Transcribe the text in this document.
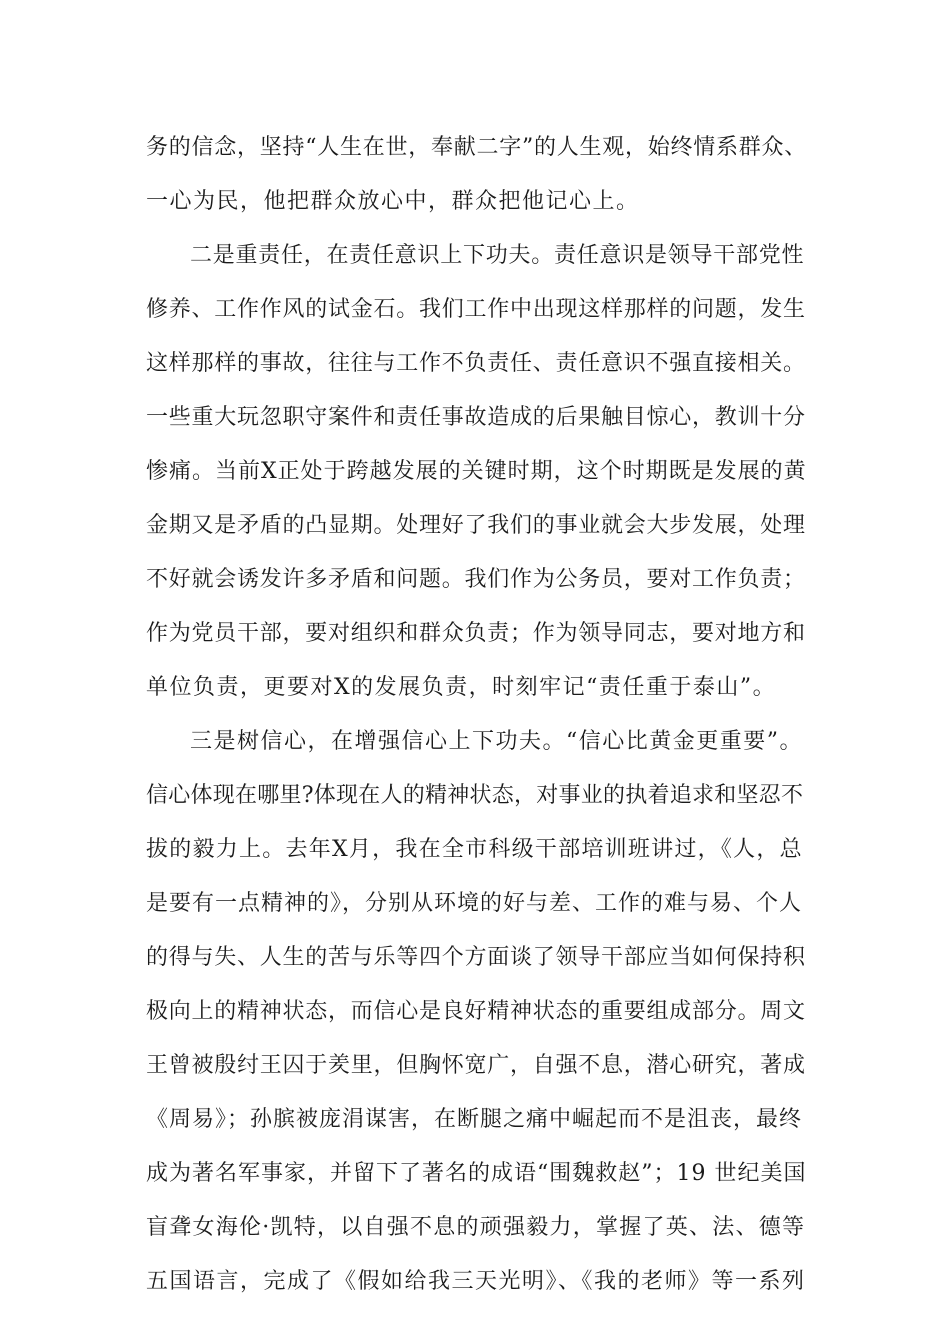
务的信念，坚持“人生在世，奉献二字”的人生观，始终情系群众、

一心为民，他把群众放心中，群众把他记心上。

二是重责任，在责任意识上下功夫。责任意识是领导干部党性

修养、工作作风的试金石。我们工作中出现这样那样的问题，发生

这样那样的事故，往往与工作不负责任、责任意识不强直接相关。

一些重大玩忽职守案件和责任事故造成的后果触目惊心，教训十分

惨痛。当前X正处于跨越发展的关键时期，这个时期既是发展的黄

金期又是矛盾的凸显期。处理好了我们的事业就会大步发展，处理

不好就会诱发许多矛盾和问题。我们作为公务员，要对工作负责；

作为党员干部，要对组织和群众负责；作为领导同志，要对地方和

单位负责，更要对X的发展负责，时刻牢记“责任重于泰山”。

三是树信心，在增强信心上下功夫。“信心比黄金更重要”。

信心体现在哪里?体现在人的精神状态，对事业的执着追求和坚忍不

拔的毅力上。去年X月，我在全市科级干部培训班讲过，《人，总

是要有一点精神的》，分别从环境的好与差、工作的难与易、个人

的得与失、人生的苦与乐等四个方面谈了领导干部应当如何保持积

极向上的精神状态，而信心是良好精神状态的重要组成部分。周文

王曾被殷纣王囚于羑里，但胸怀宽广，自强不息，潜心研究，著成

《周易》；孙膑被庞涓谋害，在断腿之痛中崛起而不是沮丧，最终

成为著名军事家，并留下了著名的成语“围魏救赵”；19 世纪美国

盲聋女海伦·凯特，以自强不息的顽强毅力，掌握了英、法、德等

五国语言，完成了《假如给我三天光明》、《我的老师》等一系列
